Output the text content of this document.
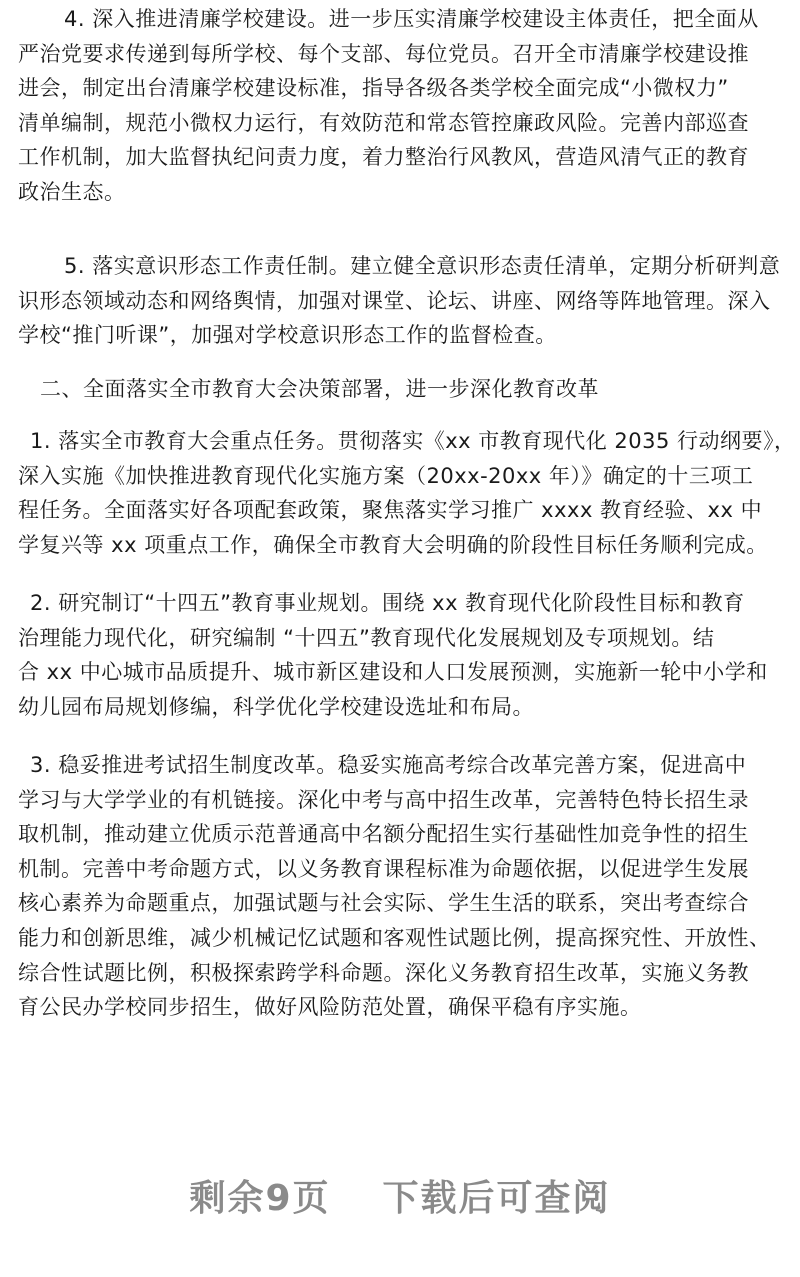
4. 深入推进清廉学校建设。进一步压实清廉学校建设主体责任，把全面从
严治党要求传递到每所学校、每个支部、每位党员。召开全市清廉学校建设推
进会，制定出台清廉学校建设标准，指导各级各类学校全面完成“小微权力”
清单编制，规范小微权力运行，有效防范和常态管控廉政风险。完善内部巡查
工作机制，加大监督执纪问责力度，着力整治行风教风，营造风清气正的教育
政治生态。
5. 落实意识形态工作责任制。建立健全意识形态责任清单，定期分析研判意
识形态领域动态和网络舆情，加强对课堂、论坛、讲座、网络等阵地管理。深入
学校“推门听课”，加强对学校意识形态工作的监督检查。
二、全面落实全市教育大会决策部署，进一步深化教育改革
1. 落实全市教育大会重点任务。贯彻落实《xx 市教育现代化 2035 行动纲要》，
深入实施《加快推进教育现代化实施方案（20xx-20xx 年）》确定的十三项工
程任务。全面落实好各项配套政策，聚焦落实学习推广 xxxx 教育经验、xx 中
学复兴等 xx 项重点工作，确保全市教育大会明确的阶段性目标任务顺利完成。
2. 研究制订“十四五”教育事业规划。围绕 xx 教育现代化阶段性目标和教育
治理能力现代化，研究编制 “十四五”教育现代化发展规划及专项规划。结
合 xx 中心城市品质提升、城市新区建设和人口发展预测，实施新一轮中小学和
幼儿园布局规划修编，科学优化学校建设选址和布局。
3. 稳妥推进考试招生制度改革。稳妥实施高考综合改革完善方案，促进高中
学习与大学学业的有机链接。深化中考与高中招生改革，完善特色特长招生录
取机制，推动建立优质示范普通高中名额分配招生实行基础性加竞争性的招生
机制。完善中考命题方式，以义务教育课程标准为命题依据，以促进学生发展
核心素养为命题重点，加强试题与社会实际、学生生活的联系，突出考查综合
能力和创新思维，减少机械记忆试题和客观性试题比例，提高探究性、开放性、
综合性试题比例，积极探索跨学科命题。深化义务教育招生改革，实施义务教
育公民办学校同步招生，做好风险防范处置，确保平稳有序实施。
剩余9页 下载后可查阅
